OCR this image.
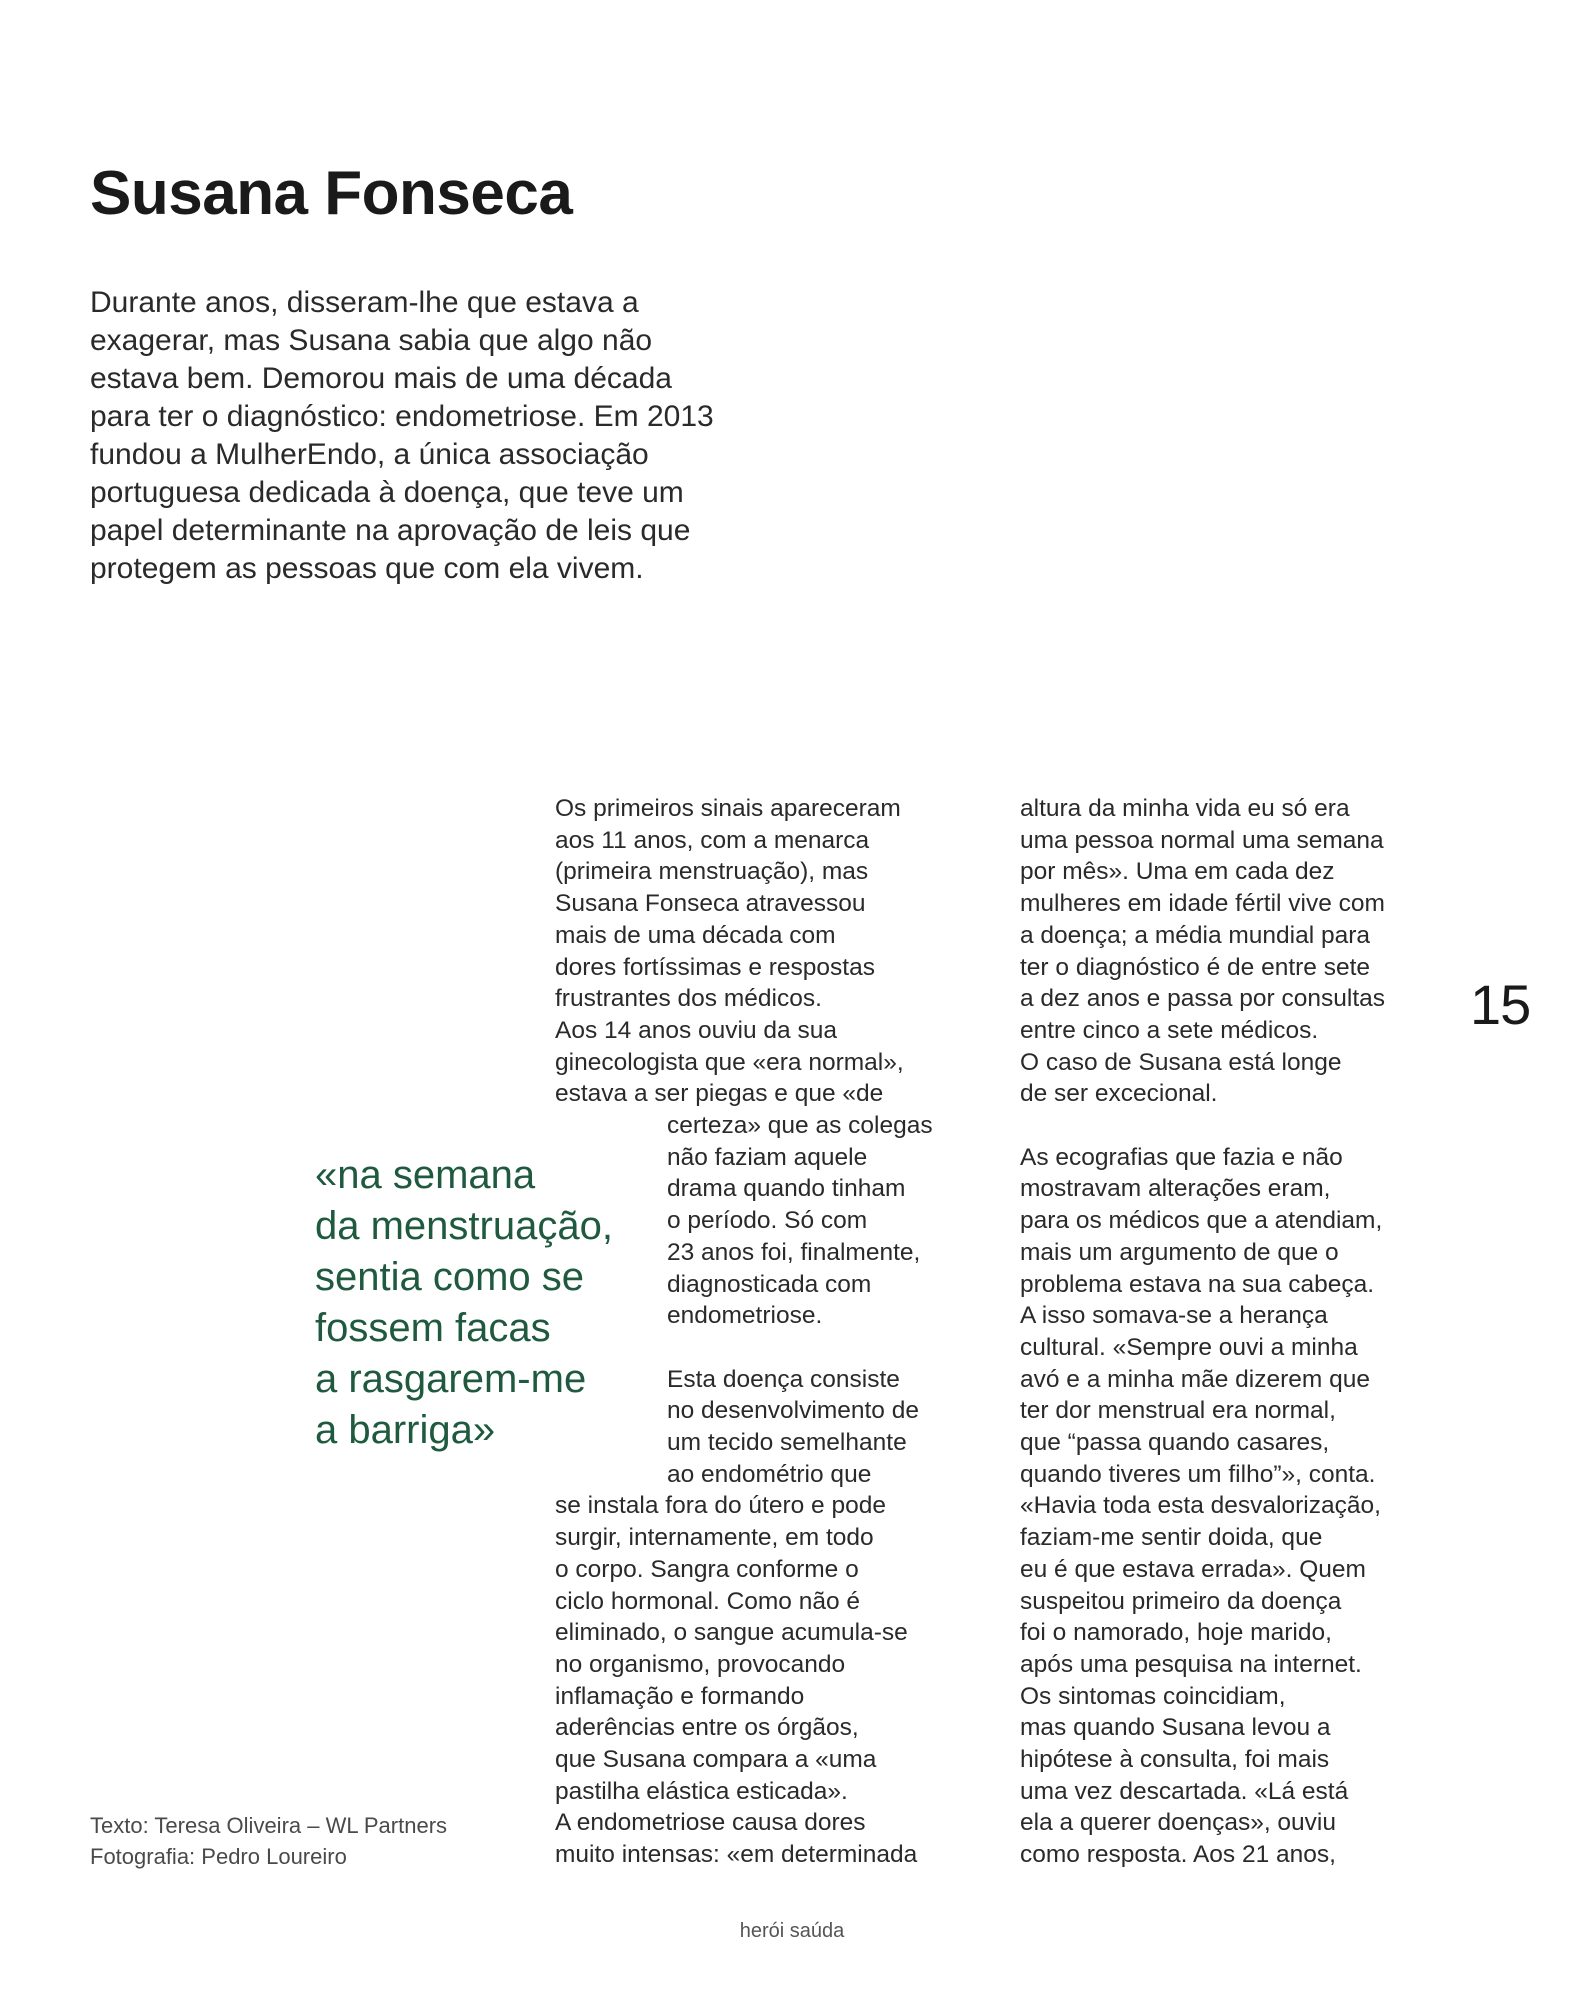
Susana Fonseca
Durante anos, disseram-lhe que estava a
exagerar, mas Susana sabia que algo não
estava bem. Demorou mais de uma década
para ter o diagnóstico: endometriose. Em 2013
fundou a MulherEndo, a única associação
portuguesa dedicada à doença, que teve um
papel determinante na aprovação de leis que
protegem as pessoas que com ela vivem.
«na semana
da menstruação,
sentia como se
fossem facas
a rasgarem-me
a barriga»
Texto: Teresa Oliveira – WL Partners
Fotografia: Pedro Loureiro
Os primeiros sinais apareceram
aos 11 anos, com a menarca
(primeira menstruação), mas
Susana Fonseca atravessou
mais de uma década com
dores fortíssimas e respostas
frustrantes dos médicos.
Aos 14 anos ouviu da sua
ginecologista que «era normal»,
estava a ser piegas e que «de
certeza» que as colegas
não faziam aquele
drama quando tinham
o período. Só com
23 anos foi, finalmente,
diagnosticada com
endometriose.
Esta doença consiste
no desenvolvimento de
um tecido semelhante
ao endométrio que
se instala fora do útero e pode
surgir, internamente, em todo
o corpo. Sangra conforme o
ciclo hormonal. Como não é
eliminado, o sangue acumula-se
no organismo, provocando
inflamação e formando
aderências entre os órgãos,
que Susana compara a «uma
pastilha elástica esticada».
A endometriose causa dores
muito intensas: «em determinada
altura da minha vida eu só era
uma pessoa normal uma semana
por mês». Uma em cada dez
mulheres em idade fértil vive com
a doença; a média mundial para
ter o diagnóstico é de entre sete
a dez anos e passa por consultas
entre cinco a sete médicos.
O caso de Susana está longe
de ser excecional.
As ecografias que fazia e não
mostravam alterações eram,
para os médicos que a atendiam,
mais um argumento de que o
problema estava na sua cabeça.
A isso somava-se a herança
cultural. «Sempre ouvi a minha
avó e a minha mãe dizerem que
ter dor menstrual era normal,
que “passa quando casares,
quando tiveres um filho”», conta.
«Havia toda esta desvalorização,
faziam-me sentir doida, que
eu é que estava errada». Quem
suspeitou primeiro da doença
foi o namorado, hoje marido,
após uma pesquisa na internet.
Os sintomas coincidiam,
mas quando Susana levou a
hipótese à consulta, foi mais
uma vez descartada. «Lá está
ela a querer doenças», ouviu
como resposta. Aos 21 anos,
15
herói saúda
